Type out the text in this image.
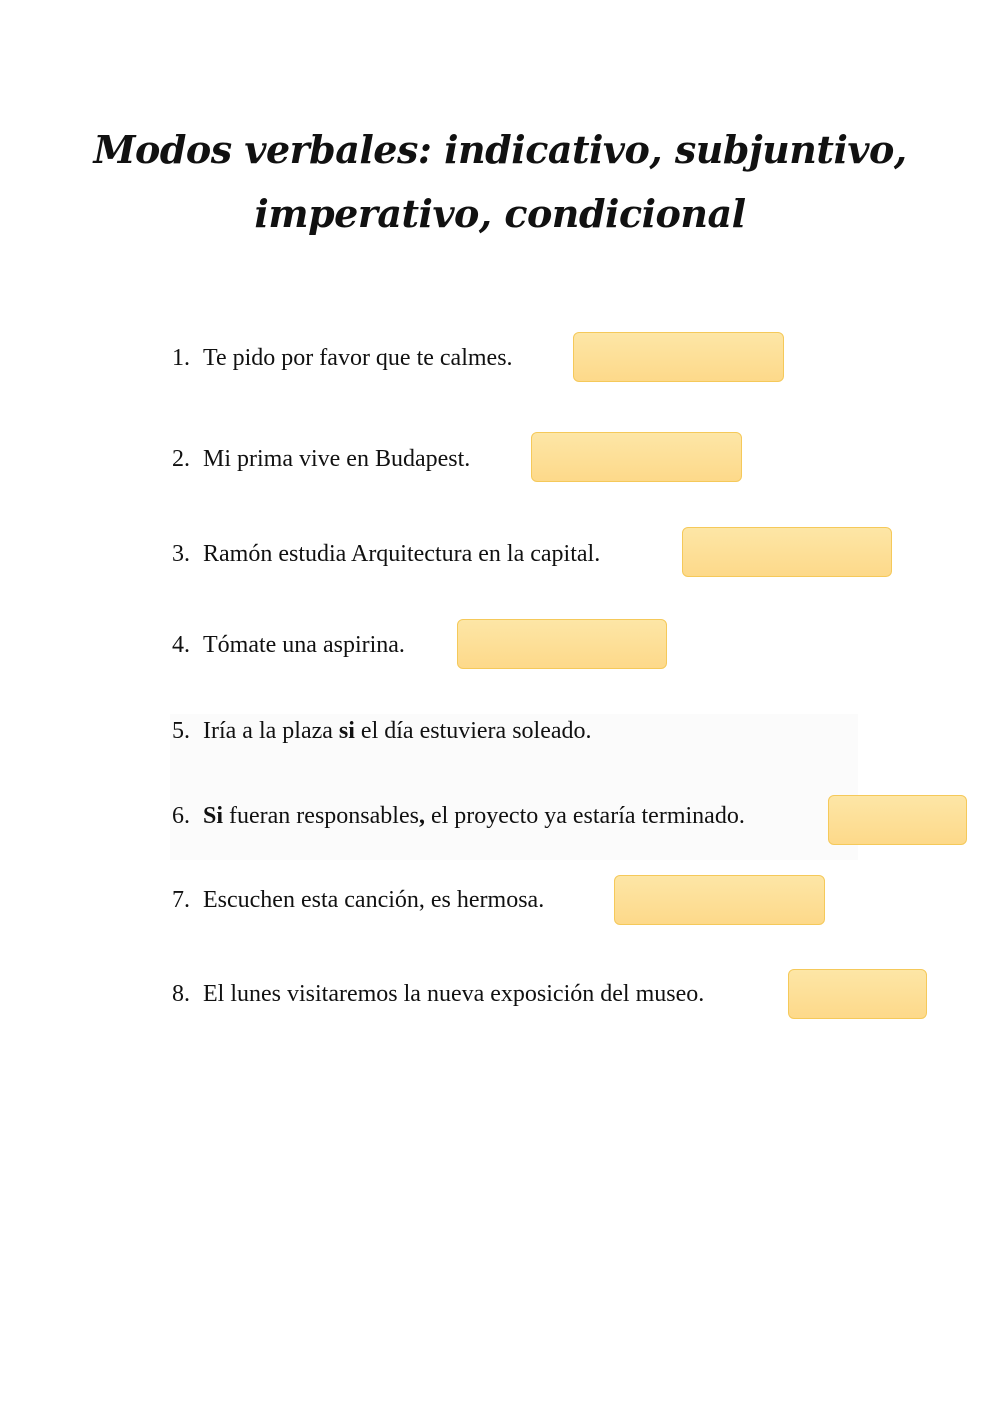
Modos verbales: indicativo, subjuntivo,
imperativo, condicional
1. Te pido por favor que te calmes.
2. Mi prima vive en Budapest.
3. Ramón estudia Arquitectura en la capital.
4. Tómate una aspirina.
5. Iría a la plaza si el día estuviera soleado.
6. Si fueran responsables, el proyecto ya estaría terminado.
7. Escuchen esta canción, es hermosa.
8. El lunes visitaremos la nueva exposición del museo.
